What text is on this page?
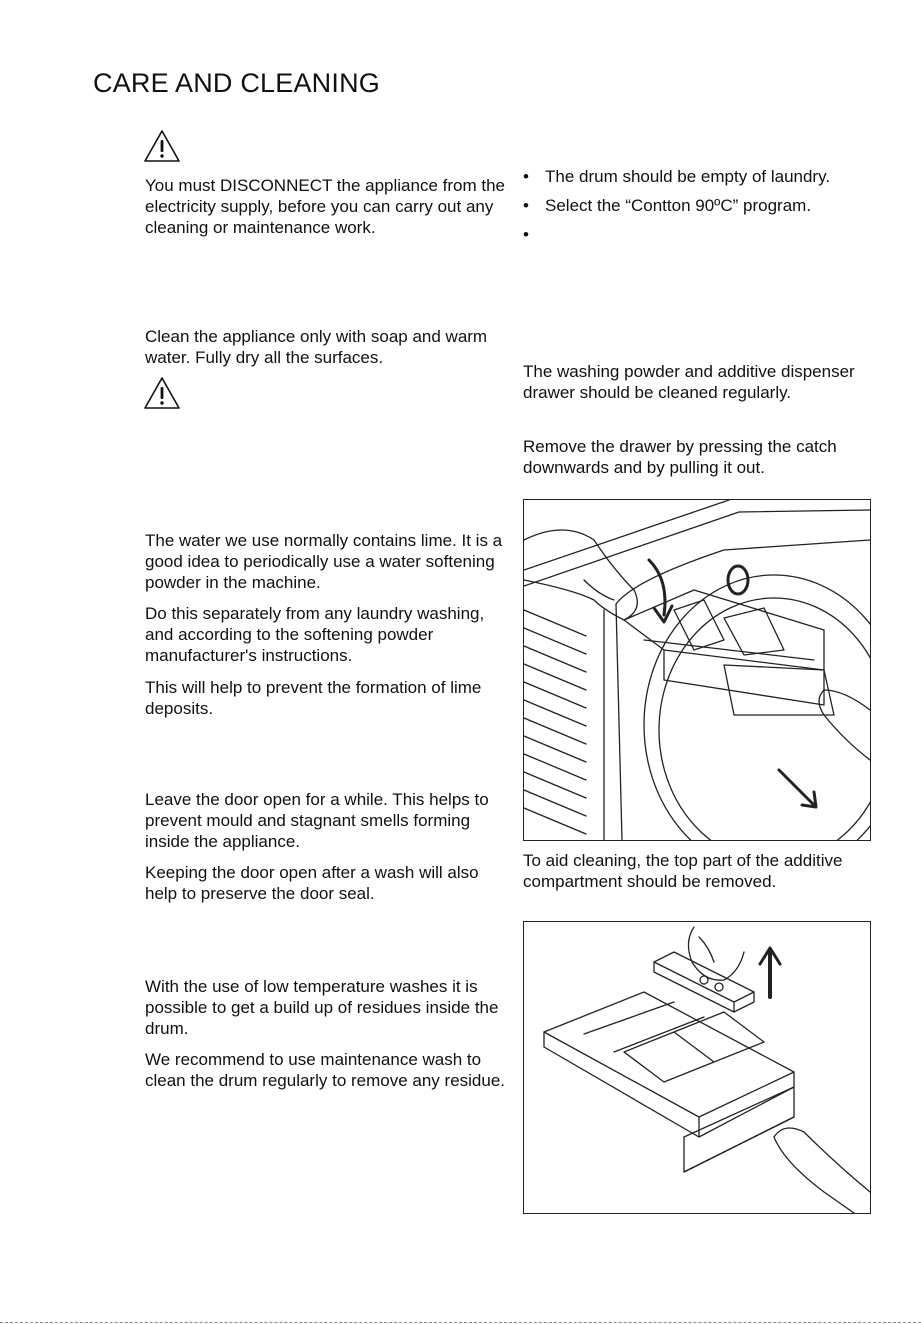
CARE AND CLEANING
You must DISCONNECT the appliance from the electricity supply, before you can carry out any cleaning or maintenance work.
Clean the appliance only with soap and warm water. Fully dry all the surfaces.
The water we use normally contains lime. It is a good idea to periodically use a water softening powder in the machine.
Do this separately from any laundry washing, and according to the softening powder manufacturer's instructions.
This will help to prevent the formation of lime deposits.
Leave the door open for a while. This helps to prevent mould and stagnant smells forming inside the appliance.
Keeping the door open after a wash will also help to preserve the door seal.
With the use of low temperature washes it is possible to get a build up of residues inside the drum.
We recommend to use maintenance wash to clean the drum regularly to remove any residue.
• The drum should be empty of laundry.
• Select the “Contton 90ºC” program.
•
The washing powder and additive dispenser drawer should be cleaned regularly.
Remove the drawer by pressing the catch downwards and by pulling it out.
To aid cleaning, the top part of the additive compartment should be removed.
